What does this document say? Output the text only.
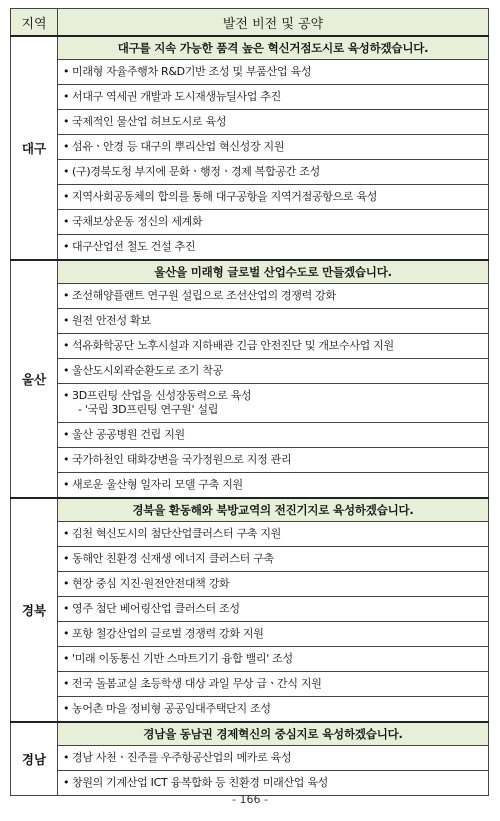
지역	발전 비전 및 공약
대구	대구를 지속 가능한 품격 높은 혁신거점도시로 육성하겠습니다.
	• 미래형 자율주행차 R&D기반 조성 및 부품산업 육성
	• 서대구 역세권 개발과 도시재생뉴딜사업 추진
	• 국제적인 물산업 허브도시로 육성
	• 섬유ㆍ안경 등 대구의 뿌리산업 혁신성장 지원
	• (구)경북도청 부지에 문화ㆍ행정ㆍ경제 복합공간 조성
	• 지역사회공동체의 합의를 통해 대구공항을 지역거점공항으로 육성
	• 국채보상운동 정신의 세계화
	• 대구산업선 철도 건설 추진
울산	울산을 미래형 글로벌 산업수도로 만들겠습니다.
	• 조선해양플랜트 연구원 설립으로 조선산업의 경쟁력 강화
	• 원전 안전성 확보
	• 석유화학공단 노후시설과 지하배관 긴급 안전진단 및 개보수사업 지원
	• 울산도시외곽순환도로 조기 착공
	• 3D프린팅 산업을 신성장동력으로 육성
- '국립 3D프린팅 연구원' 설립

	• 울산 공공병원 건립 지원
	• 국가하천인 태화강변을 국가정원으로 지정 관리
	• 새로운 울산형 일자리 모델 구축 지원
경북	경북을 환동해와 북방교역의 전진기지로 육성하겠습니다.
	• 김천 혁신도시의 첨단산업클러스터 구축 지원
	• 동해안 친환경 신재생 에너지 클러스터 구축
	• 현장 중심 지진·원전안전대책 강화
	• 영주 첨단 베어링산업 클러스터 조성
	• 포항 철강산업의 글로벌 경쟁력 강화 지원
	• '미래 이동통신 기반 스마트기기 융합 밸리' 조성
	• 전국 돌봄교실 초등학생 대상 과일 무상 급ㆍ간식 지원
	• 농어촌 마을 정비형 공공임대주택단지 조성
경남	경남을 동남권 경제혁신의 중심지로 육성하겠습니다.
	• 경남 사천ㆍ진주를 우주항공산업의 메카로 육성
	• 창원의 기계산업 ICT 융복합화 등 친환경 미래산업 육성
- 166 -
